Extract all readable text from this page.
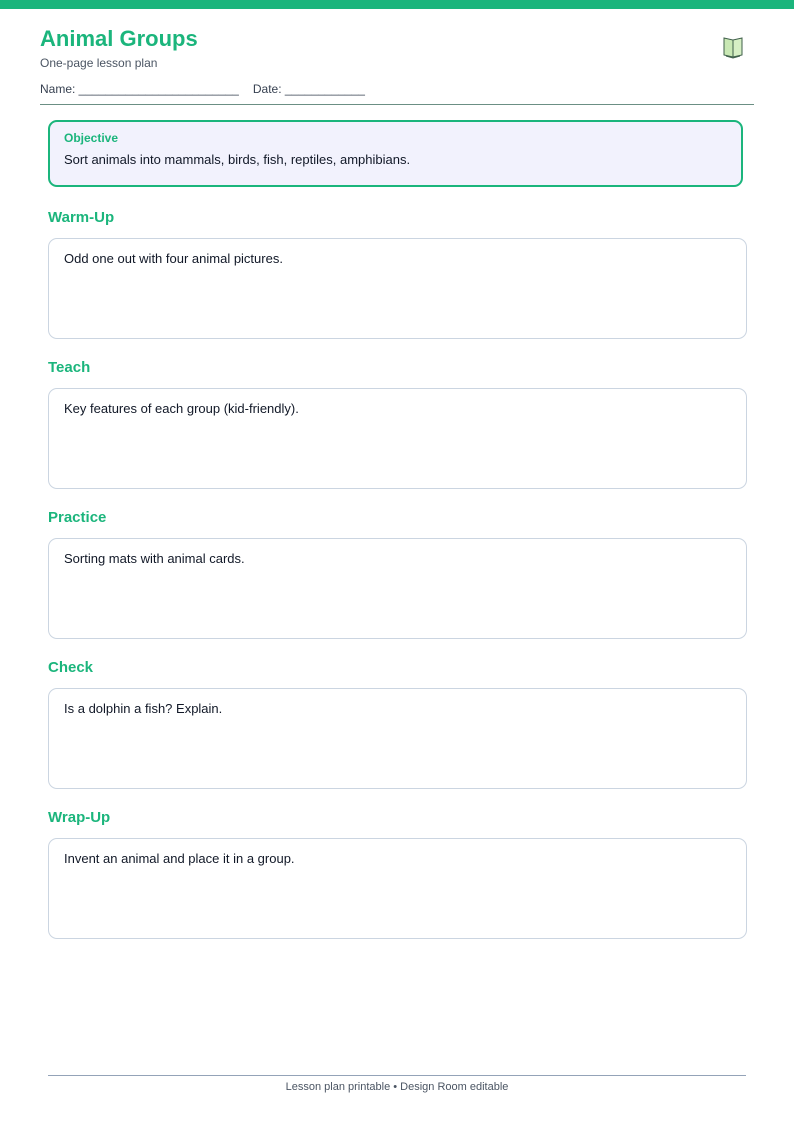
Animal Groups
One-page lesson plan
Name: ________________________ Date: ____________
Objective
Sort animals into mammals, birds, fish, reptiles, amphibians.
Warm-Up
Odd one out with four animal pictures.
Teach
Key features of each group (kid-friendly).
Practice
Sorting mats with animal cards.
Check
Is a dolphin a fish? Explain.
Wrap-Up
Invent an animal and place it in a group.
Lesson plan printable • Design Room editable
